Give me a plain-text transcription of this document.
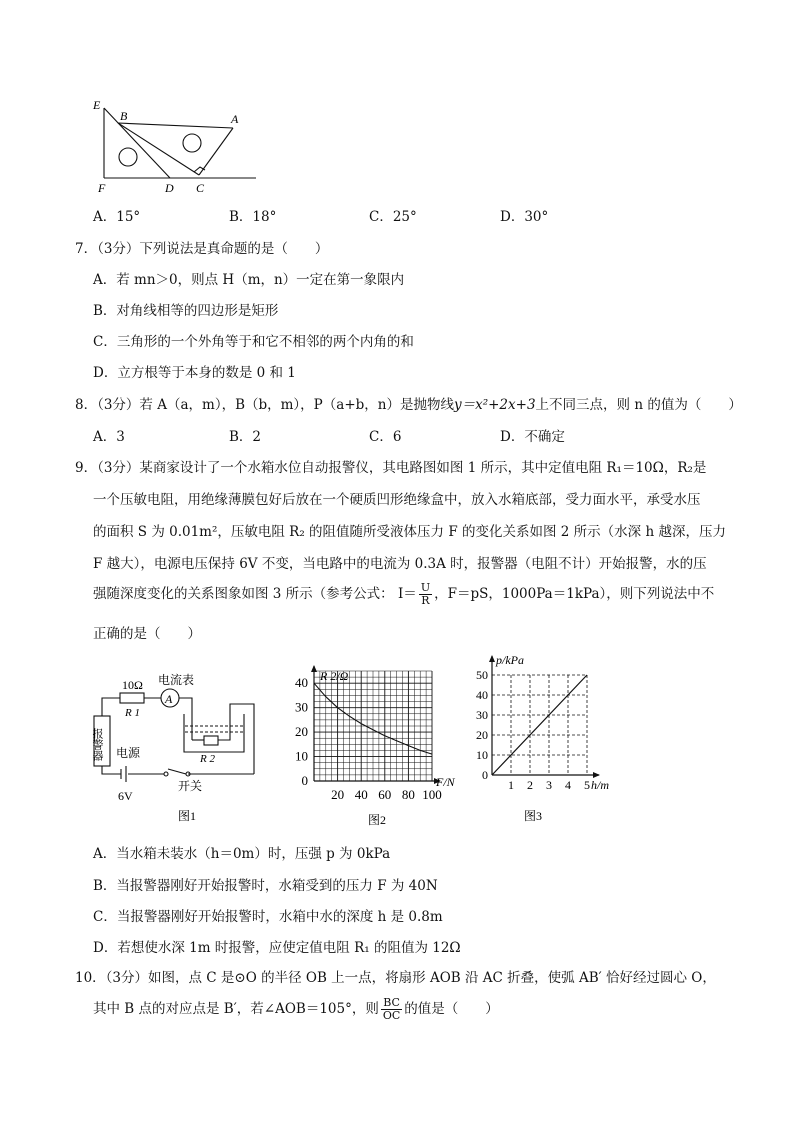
E
B	A
F	D C
A．15°	B．18°	C．25°	D．30°
7．（3分）下列说法是真命题的是（　　）
A．若 mn＞0，则点 H（m，n）一定在第一象限内
B．对角线相等的四边形是矩形
C．三角形的一个外角等于和它不相邻的两个内角的和
D．立方根等于本身的数是 0 和 1
8．（3分）若 A（a，m），B（b，m），P（a+b，n）是抛物线y＝x²+2x+3上不同三点，则 n 的值为（　　）
A．3	B．2	C．6	D．不确定
9．（3分）某商家设计了一个水箱水位自动报警仪，其电路图如图 1 所示，其中定值电阻 R₁＝10Ω，R₂是
一个压敏电阻，用绝缘薄膜包好后放在一个硬质凹形绝缘盒中，放入水箱底部，受力面水平，承受水压
的面积 S 为 0.01m²，压敏电阻 R₂ 的阻值随所受液体压力 F 的变化关系如图 2 所示（水深 h 越深，压力
F 越大），电源电压保持 6V 不变，当电路中的电流为 0.3A 时，报警器（电阻不计）开始报警，水的压
强随深度变化的关系图象如图 3 所示（参考公式： $I= \frac{U}{R}$ ，F＝pS，1000Pa＝1kPa），则下列说法中不
正确的是（　　）
10Ω
R 1
电流表
A
报警器 电源
6V
开关
R 2
图1
20 40 60 80 100
0
10
20
30
40 R 2/Ω
F/N
图2
1 2 3 4 5
0
10
20
30
40
50
p/kPa
h/m
图3
A．当水箱未装水（h＝0m）时，压强 p 为 0kPa
B．当报警器刚好开始报警时，水箱受到的压力 F 为 40N
C．当报警器刚好开始报警时，水箱中水的深度 h 是 0.8m
D．若想使水深 1m 时报警，应使定值电阻 R₁ 的阻值为 12Ω
10．（3分）如图，点 C 是⊙O 的半径 OB 上一点，将扇形 AOB 沿 AC 折叠，使弧 AB′ 恰好经过圆心 O，
其中 B 点的对应点是 B′，若∠AOB＝105°，则 $\frac{BC}{OC}$ 的值是（　　）
